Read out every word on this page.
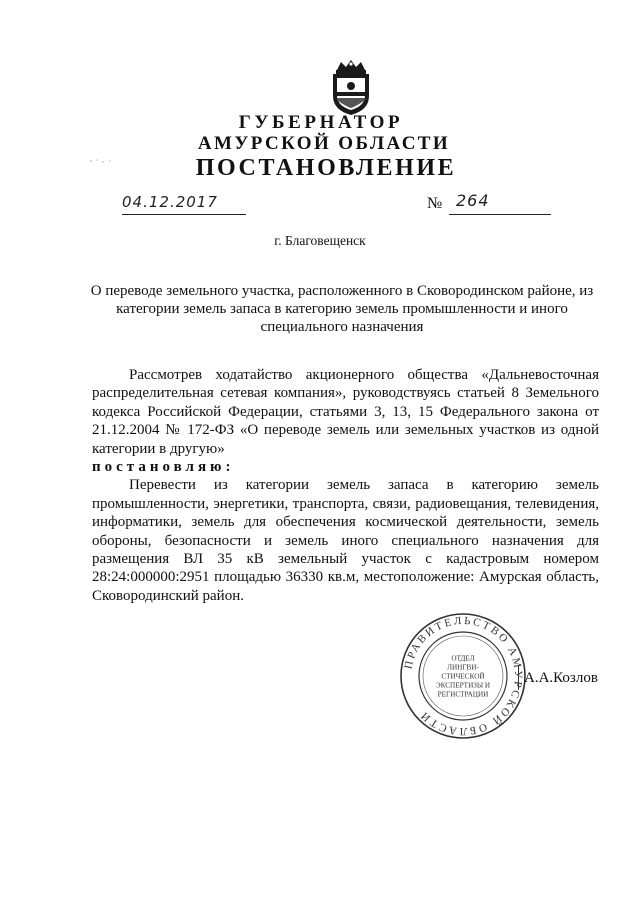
ГУБЕРНАТОР
АМУРСКОЙ ОБЛАСТИ
ПОСТАНОВЛЕНИЕ
04.12.2017	№ 264
г. Благовещенск
О переводе земельного участка, расположенного в Сковородинском районе, из
категории земель запаса в категорию земель промышленности и иного
специального назначения

Рассмотрев ходатайство акционерного общества «Дальневосточная распределительная сетевая компания», руководствуясь статьей 8 Земельного кодекса Российской Федерации, статьями 3, 13, 15 Федерального закона от 21.12.2004 № 172-ФЗ «О переводе земель или земельных участков из одной категории в другую»

постановляю:

Перевести из категории земель запаса в категорию земель промышленности, энергетики, транспорта, связи, радиовещания, телевидения, информатики, земель для обеспечения космической деятельности, земель обороны, безопасности и земель иного специального назначения для размещения ВЛ 35 кВ земельный участок с кадастровым номером 28:24:000000:2951 площадью 36330 кв.м, местоположение: Амурская область, Сковородинский район.

ПРАВИТЕЛЬСТВО АМУРСКОЙ ОБЛАСТИ
ОТДЕЛ
ЛИНГВИ-
СТИЧЕСКОЙ
ЭКСПЕРТИЗЫ И
РЕГИСТРАЦИИ
А.А.Козлов
